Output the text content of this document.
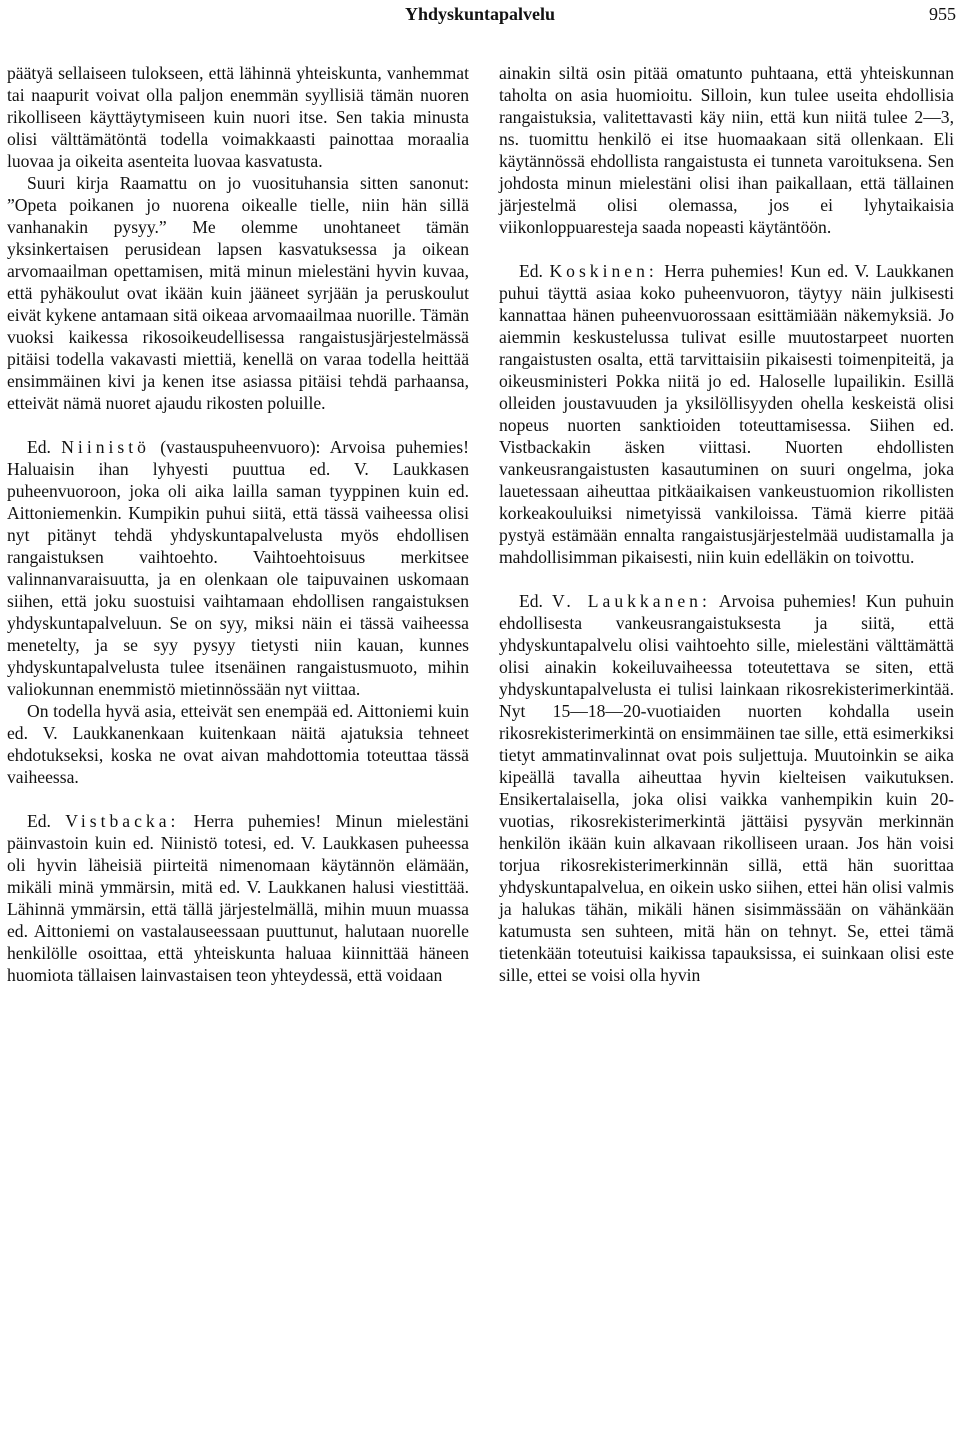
Yhdyskuntapalvelu	955

päätyä sellaiseen tulokseen, että lähinnä yhteiskunta, vanhemmat tai naapurit voivat olla paljon enemmän syyllisiä tämän nuoren rikolliseen käyttäytymiseen kuin nuori itse. Sen takia minusta olisi välttämätöntä todella voimakkaasti painottaa moraalia luovaa ja oikeita asenteita luovaa kasvatusta.

Suuri kirja Raamattu on jo vuosituhansia sitten sanonut: ”Opeta poikanen jo nuorena oikealle tielle, niin hän sillä vanhanakin pysyy.” Me olemme unohtaneet tämän yksinkertaisen perusidean lapsen kasvatuksessa ja oikean arvomaailman opettamisen, mitä minun mielestäni hyvin kuvaa, että pyhäkoulut ovat ikään kuin jääneet syrjään ja peruskoulut eivät kykene antamaan sitä oikeaa arvomaailmaa nuorille. Tämän vuoksi kaikessa rikosoikeudellisessa rangaistusjärjestelmässä pitäisi todella vakavasti miettiä, kenellä on varaa todella heittää ensimmäinen kivi ja kenen itse asiassa pitäisi tehdä parhaansa, etteivät nämä nuoret ajaudu rikosten poluille.

Ed. Niinistö (vastauspuheenvuoro): Arvoisa puhemies! Haluaisin ihan lyhyesti puuttua ed. V. Laukkasen puheenvuoroon, joka oli aika lailla saman tyyppinen kuin ed. Aittoniemenkin. Kumpikin puhui siitä, että tässä vaiheessa olisi nyt pitänyt tehdä yhdyskuntapalvelusta myös ehdollisen rangaistuksen vaihtoehto. Vaihtoehtoisuus merkitsee valinnanvaraisuutta, ja en olenkaan ole taipuvainen uskomaan siihen, että joku suostuisi vaihtamaan ehdollisen rangaistuksen yhdyskuntapalveluun. Se on syy, miksi näin ei tässä vaiheessa menetelty, ja se syy pysyy tietysti niin kauan, kunnes yhdyskuntapalvelusta tulee itsenäinen rangaistusmuoto, mihin valiokunnan enemmistö mietinnössään nyt viittaa.

On todella hyvä asia, etteivät sen enempää ed. Aittoniemi kuin ed. V. Laukkanenkaan kuitenkaan näitä ajatuksia tehneet ehdotukseksi, koska ne ovat aivan mahdottomia toteuttaa tässä vaiheessa.

Ed. Vistbacka: Herra puhemies! Minun mielestäni päinvastoin kuin ed. Niinistö totesi, ed. V. Laukkasen puheessa oli hyvin läheisiä piirteitä nimenomaan käytännön elämään, mikäli minä ymmärsin, mitä ed. V. Laukkanen halusi viestittää. Lähinnä ymmärsin, että tällä järjestelmällä, mihin muun muassa ed. Aittoniemi on vastalauseessaan puuttunut, halutaan nuorelle henkilölle osoittaa, että yhteiskunta haluaa kiinnittää häneen huomiota tällaisen lainvastaisen teon yhteydessä, että voidaan

ainakin siltä osin pitää omatunto puhtaana, että yhteiskunnan taholta on asia huomioitu. Silloin, kun tulee useita ehdollisia rangaistuksia, valitettavasti käy niin, että kun niitä tulee 2—3, ns. tuomittu henkilö ei itse huomaakaan sitä ollenkaan. Eli käytännössä ehdollista rangaistusta ei tunneta varoituksena. Sen johdosta minun mielestäni olisi ihan paikallaan, että tällainen järjestelmä olisi olemassa, jos ei lyhytaikaisia viikonloppuaresteja saada nopeasti käytäntöön.

Ed. Koskinen: Herra puhemies! Kun ed. V. Laukkanen puhui täyttä asiaa koko puheenvuoron, täytyy näin julkisesti kannattaa hänen puheenvuorossaan esittämiään näkemyksiä. Jo aiemmin keskustelussa tulivat esille muutostarpeet nuorten rangaistusten osalta, että tarvittaisiin pikaisesti toimenpiteitä, ja oikeusministeri Pokka niitä jo ed. Haloselle lupailikin. Esillä olleiden joustavuuden ja yksilöllisyyden ohella keskeistä olisi nopeus nuorten sanktioiden toteuttamisessa. Siihen ed. Vistbackakin äsken viittasi. Nuorten ehdollisten vankeusrangaistusten kasautuminen on suuri ongelma, joka lauetessaan aiheuttaa pitkäaikaisen vankeustuomion rikollisten korkeakouluiksi nimetyissä vankiloissa. Tämä kierre pitää pystyä estämään ennalta rangaistusjärjestelmää uudistamalla ja mahdollisimman pikaisesti, niin kuin edelläkin on toivottu.

Ed. V. Laukkanen: Arvoisa puhemies! Kun puhuin ehdollisesta vankeusrangaistuksesta ja siitä, että yhdyskuntapalvelu olisi vaihtoehto sille, mielestäni välttämättä olisi ainakin kokeiluvaiheessa toteutettava se siten, että yhdyskuntapalvelusta ei tulisi lainkaan rikosrekisterimerkintää. Nyt 15—18—20-vuotiaiden nuorten kohdalla usein rikosrekisterimerkintä on ensimmäinen tae sille, että esimerkiksi tietyt ammatinvalinnat ovat pois suljettuja. Muutoinkin se aika kipeällä tavalla aiheuttaa hyvin kielteisen vaikutuksen. Ensikertalaisella, joka olisi vaikka vanhempikin kuin 20-vuotias, rikosrekisterimerkintä jättäisi pysyvän merkinnän henkilön ikään kuin alkavaan rikolliseen uraan. Jos hän voisi torjua rikosrekisterimerkinnän sillä, että hän suorittaa yhdyskuntapalvelua, en oikein usko siihen, ettei hän olisi valmis ja halukas tähän, mikäli hänen sisimmässään on vähänkään katumusta sen suhteen, mitä hän on tehnyt. Se, ettei tämä tietenkään toteutuisi kaikissa tapauksissa, ei suinkaan olisi este sille, ettei se voisi olla hyvin
